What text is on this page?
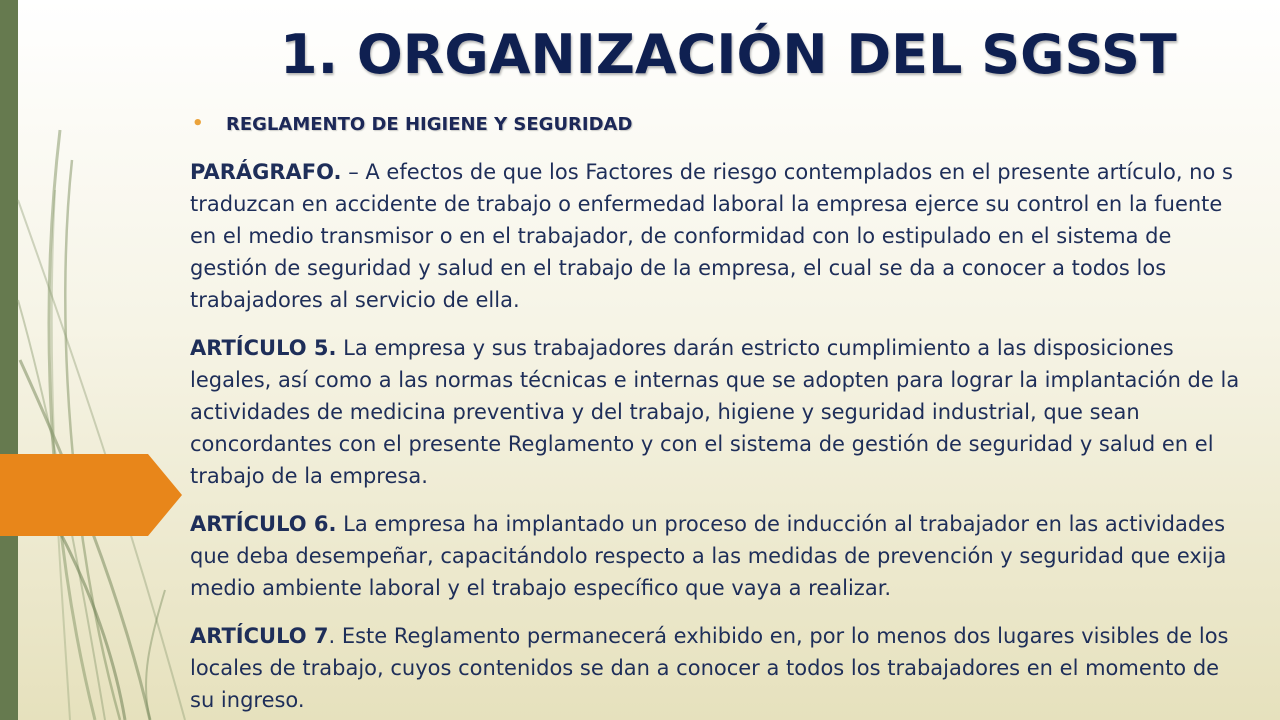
1. ORGANIZACIÓN DEL SGSST

• REGLAMENTO DE HIGIENE Y SEGURIDAD

PARÁGRAFO. – A efectos de que los Factores de riesgo contemplados en el presente artículo, no s
traduzcan en accidente de trabajo o enfermedad laboral la empresa ejerce su control en la fuente
en el medio transmisor o en el trabajador, de conformidad con lo estipulado en el sistema de
gestión de seguridad y salud en el trabajo de la empresa, el cual se da a conocer a todos los
trabajadores al servicio de ella.

ARTÍCULO 5. La empresa y sus trabajadores darán estricto cumplimiento a las disposiciones
legales, así como a las normas técnicas e internas que se adopten para lograr la implantación de la
actividades de medicina preventiva y del trabajo, higiene y seguridad industrial, que sean
concordantes con el presente Reglamento y con el sistema de gestión de seguridad y salud en el
trabajo de la empresa.

ARTÍCULO 6. La empresa ha implantado un proceso de inducción al trabajador en las actividades
que deba desempeñar, capacitándolo respecto a las medidas de prevención y seguridad que exija
medio ambiente laboral y el trabajo específico que vaya a realizar.

ARTÍCULO 7. Este Reglamento permanecerá exhibido en, por lo menos dos lugares visibles de los
locales de trabajo, cuyos contenidos se dan a conocer a todos los trabajadores en el momento de
su ingreso.
